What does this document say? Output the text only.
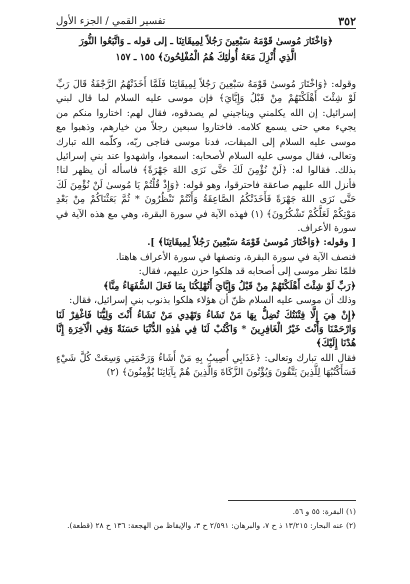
٣٥٢
تفسير القمي / الجزء الأول
﴿وَاخْتَارَ مُوسىٰ قَوْمَهُ سَبْعِينَ رَجُلاً لِمِيقَاتِنَا ـ إلى قوله ـ وَاتَّبَعُوا النُّورَ
الَّذِي أُنْزِلَ مَعَهُ أُولٰئِكَ هُمُ الْمُفْلِحُونَ﴾ ١٥٥ ـ ١٥٧

وقوله: ﴿وَاخْتَارَ مُوسىٰ قَوْمَهُ سَبْعِينَ رَجُلاً لِمِيقَاتِنَا فَلَمَّا أَخَذَتْهُمُ الرَّجْفَةُ قَالَ رَبِّ لَوْ شِئْتَ أَهْلَكْتَهُمْ مِنْ قَبْلُ وَإِيَّايَ﴾ فإن موسى عليه السلام لما قال لبني إسرائيل: إن الله يكلمني ويناجيني لم يصدقوه، فقال لهم: اختاروا منكم من يجيء معي حتى يسمع كلامه. فاختاروا سبعين رجلاً من خيارهم، وذهبوا مع موسى عليه السلام إلى الميقات، فدنا موسى فناجى ربّه، وكلّمه الله تبارك وتعالى، فقال موسى عليه السلام لأصحابه: اسمعوا، واشهدوا عند بني إسرائيل بذلك. فقالوا له: ﴿لَنْ نُؤْمِنَ لَكَ حَتَّى نَرَى اللهَ جَهْرَةً﴾ فاسأله أن يظهر لنا! فأنزل الله عليهم صاعقة فاحترقوا، وهو قوله: ﴿وَإِذْ قُلْتُمْ يَا مُوسىٰ لَنْ نُؤْمِنَ لَكَ حَتَّى نَرَى اللهَ جَهْرَةً فَأَخَذَتْكُمُ الصَّاعِقَةُ وَأَنْتُمْ تَنْظُرُونَ * ثُمَّ بَعَثْنَاكُمْ مِنْ بَعْدِ مَوْتِكُمْ لَعَلَّكُمْ تَشْكُرُونَ﴾ (١) فهذه الآية في سورة البقرة، وهي مع هذه الآية في سورة الأعراف.

[ وقوله: ﴿وَاخْتَارَ مُوسىٰ قَوْمَهُ سَبْعِينَ رَجُلاً لِمِيقَاتِنَا﴾ ].

فنصف الآية في سورة البقرة، ونصفها في سورة الأعراف هاهنا.

فلمّا نظر موسى إلى أصحابه قد هلكوا حزن عليهم، فقال:

﴿رَبِّ لَوْ شِئْتَ أَهْلَكْتَهُمْ مِنْ قَبْلُ وَإِيَّايَ أَتُهْلِكُنَا بِمَا فَعَلَ السُّفَهَاءُ مِنَّا﴾

وذلك أن موسى عليه السلام ظنّ أن هؤلاء هلكوا بذنوب بني إسرائيل، فقال:

﴿إِنْ هِيَ إِلَّا فِتْنَتُكَ تُضِلُّ بِهَا مَنْ تَشَاءُ وَتَهْدِي مَنْ تَشَاءُ أَنْتَ وَلِيُّنَا فَاغْفِرْ لَنَا وَارْحَمْنَا وَأَنْتَ خَيْرُ الْغَافِرِينَ * وَاكْتُبْ لَنَا فِي هٰذِهِ الدُّنْيَا حَسَنَةً وَفِي الْآخِرَةِ إِنَّا هُدْنَا إِلَيْكَ﴾

فقال الله تبارك وتعالى: ﴿عَذَابِي أُصِيبُ بِهِ مَنْ أَشَاءُ وَرَحْمَتِي وَسِعَتْ كُلَّ شَيْءٍ فَسَأَكْتُبُهَا لِلَّذِينَ يَتَّقُونَ وَيُؤْتُونَ الزَّكَاةَ وَالَّذِينَ هُمْ بِآيَاتِنَا يُؤْمِنُونَ﴾ (٢)

(١) البقرة: ٥٥ و ٥٦.

(٢) عنه البحار: ١٣/٢١٥ ذ ح ٧، والبرهان: ٢/٥٩١ ح ٣، والإيقاظ من الهجعة: ١٣٦ ح ٢٨ (قطعة).
